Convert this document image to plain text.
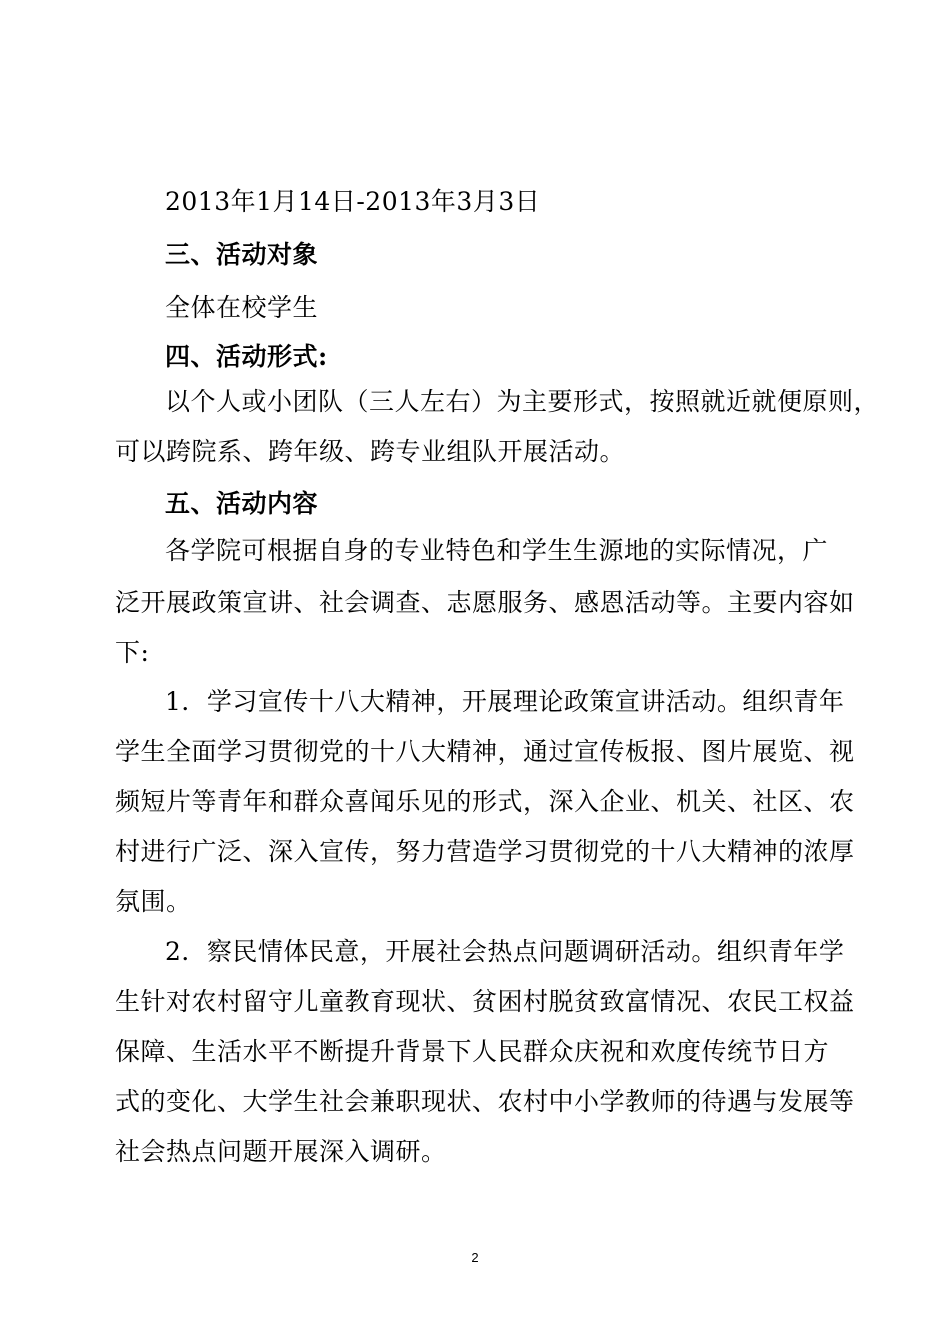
2013年1月14日-2013年3月3日
三、活动对象
全体在校学生
四、活动形式:
以个人或小团队（三人左右）为主要形式，按照就近就便原则，
可以跨院系、跨年级、跨专业组队开展活动。
五、活动内容
各学院可根据自身的专业特色和学生生源地的实际情况，广
泛开展政策宣讲、社会调查、志愿服务、感恩活动等。主要内容如
下:
1．学习宣传十八大精神，开展理论政策宣讲活动。组织青年
学生全面学习贯彻党的十八大精神，通过宣传板报、图片展览、视
频短片等青年和群众喜闻乐见的形式，深入企业、机关、社区、农
村进行广泛、深入宣传，努力营造学习贯彻党的十八大精神的浓厚
氛围。
2．察民情体民意，开展社会热点问题调研活动。组织青年学
生针对农村留守儿童教育现状、贫困村脱贫致富情况、农民工权益
保障、生活水平不断提升背景下人民群众庆祝和欢度传统节日方
式的变化、大学生社会兼职现状、农村中小学教师的待遇与发展等
社会热点问题开展深入调研。
2
